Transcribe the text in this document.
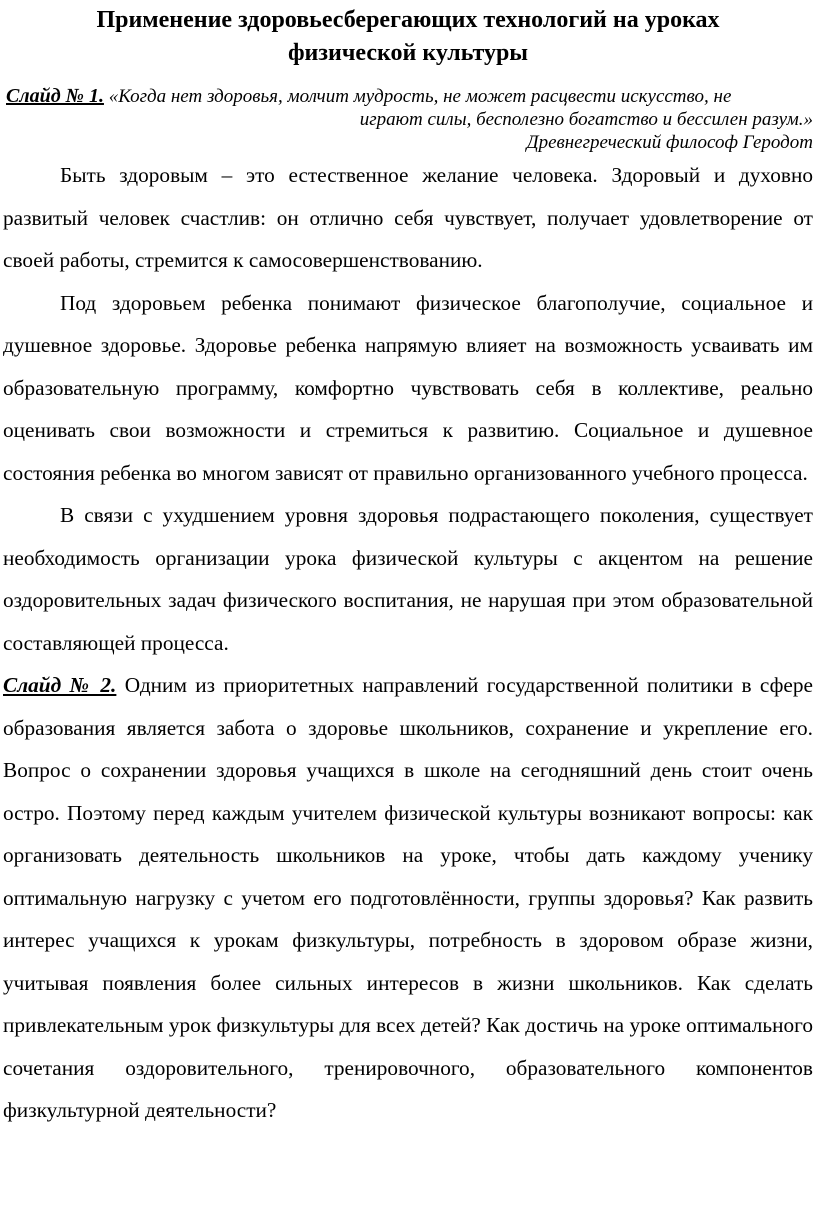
Применение здоровьесберегающих технологий на уроках
физической культуры
Слайд № 1. «Когда нет здоровья, молчит мудрость, не может расцвести искусство, не
играют силы, бесполезно богатство и бессилен разум.»
Древнегреческий философ Геродот

Быть здоровым – это естественное желание человека. Здоровый и духовно развитый человек счастлив: он отлично себя чувствует, получает удовлетворение от своей работы, стремится к самосовершенствованию.

Под здоровьем ребенка понимают физическое благополучие, социальное и душевное здоровье. Здоровье ребенка напрямую влияет на возможность усваивать им образовательную программу, комфортно чувствовать себя в коллективе, реально оценивать свои возможности и стремиться к развитию. Социальное и душевное состояния ребенка во многом зависят от правильно организованного учебного процесса.

В связи с ухудшением уровня здоровья подрастающего поколения, существует необходимость организации урока физической культуры с акцентом на решение оздоровительных задач физического воспитания, не нарушая при этом образовательной составляющей процесса.

Слайд № 2. Одним из приоритетных направлений государственной политики в сфере образования является забота о здоровье школьников, сохранение и укрепление его. Вопрос о сохранении здоровья учащихся в школе на сегодняшний день стоит очень остро. Поэтому перед каждым учителем физической культуры возникают вопросы: как организовать деятельность школьников на уроке, чтобы дать каждому ученику оптимальную нагрузку с учетом его подготовлённости, группы здоровья? Как развить интерес учащихся к урокам физкультуры, потребность в здоровом образе жизни, учитывая появления более сильных интересов в жизни школьников. Как сделать привлекательным урок физкультуры для всех детей? Как достичь на уроке оптимального сочетания оздоровительного, тренировочного, образовательного компонентов физкультурной деятельности?
